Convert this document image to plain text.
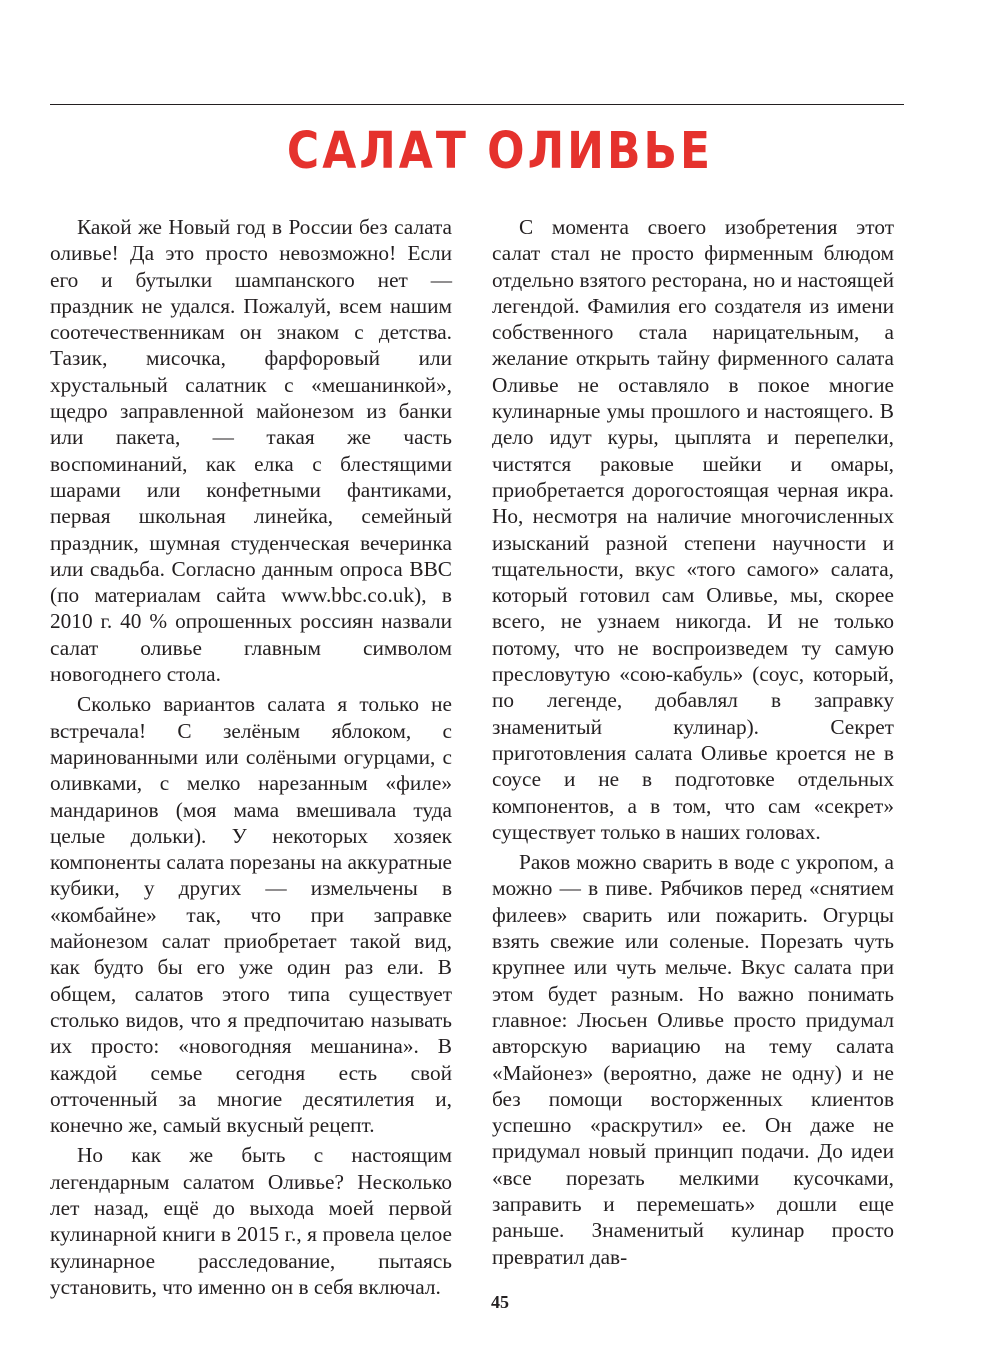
САЛАТ ОЛИВЬЕ

Какой же Новый год в России без салата оливье! Да это просто невозможно! Если его и бутылки шампанского нет — праздник не удался. Пожалуй, всем нашим соотечественникам он знаком с детства. Тазик, мисочка, фарфоровый или хрустальный салатник с «мешанинкой», щедро заправленной майонезом из банки или пакета, — такая же часть воспоминаний, как елка с блестящими шарами или конфетными фантиками, первая школьная линейка, семейный праздник, шумная студенческая вечеринка или свадьба. Согласно данным опроса BBC (по материалам сайта www.bbc.co.uk), в 2010 г. 40 % опрошенных россиян назвали салат оливье главным символом новогоднего стола.

Сколько вариантов салата я только не встречала! С зелёным яблоком, с маринованными или солёными огурцами, с оливками, с мелко нарезанным «филе» мандаринов (моя мама вмешивала туда целые дольки). У некоторых хозяек компоненты салата порезаны на аккуратные кубики, у других — измельчены в «комбайне» так, что при заправке майонезом салат приобретает такой вид, как будто бы его уже один раз ели. В общем, салатов этого типа существует столько видов, что я предпочитаю называть их просто: «новогодняя мешанина». В каждой семье сегодня есть свой отточенный за многие десятилетия и, конечно же, самый вкусный рецепт.

Но как же быть с настоящим легендарным салатом Оливье? Несколько лет назад, ещё до выхода моей первой кулинарной книги в 2015 г., я провела целое кулинарное расследование, пытаясь установить, что именно он в себя включал.

С момента своего изобретения этот салат стал не просто фирменным блюдом отдельно взятого ресторана, но и настоящей легендой. Фамилия его создателя из имени собственного стала нарицательным, а желание открыть тайну фирменного салата Оливье не оставляло в покое многие кулинарные умы прошлого и настоящего. В дело идут куры, цыплята и перепелки, чистятся раковые шейки и омары, приобретается дорогостоящая черная икра. Но, несмотря на наличие многочисленных изысканий разной степени научности и тщательности, вкус «того самого» салата, который готовил сам Оливье, мы, скорее всего, не узнаем никогда. И не только потому, что не воспроизведем ту самую пресловутую «сою-кабуль» (соус, который, по легенде, добавлял в заправку знаменитый кулинар). Секрет приготовления салата Оливье кроется не в соусе и не в подготовке отдельных компонентов, а в том, что сам «секрет» существует только в наших головах.

Раков можно сварить в воде с укропом, а можно — в пиве. Рябчиков перед «снятием филеев» сварить или пожарить. Огурцы взять свежие или соленые. Порезать чуть крупнее или чуть мельче. Вкус салата при этом будет разным. Но важно понимать главное: Люсьен Оливье просто придумал авторскую вариацию на тему салата «Майонез» (вероятно, даже не одну) и не без помощи восторженных клиентов успешно «раскрутил» ее. Он даже не придумал новый принцип подачи. До идеи «все порезать мелкими кусочками, заправить и перемешать» дошли еще раньше. Знаменитый кулинар просто превратил дав-

45
